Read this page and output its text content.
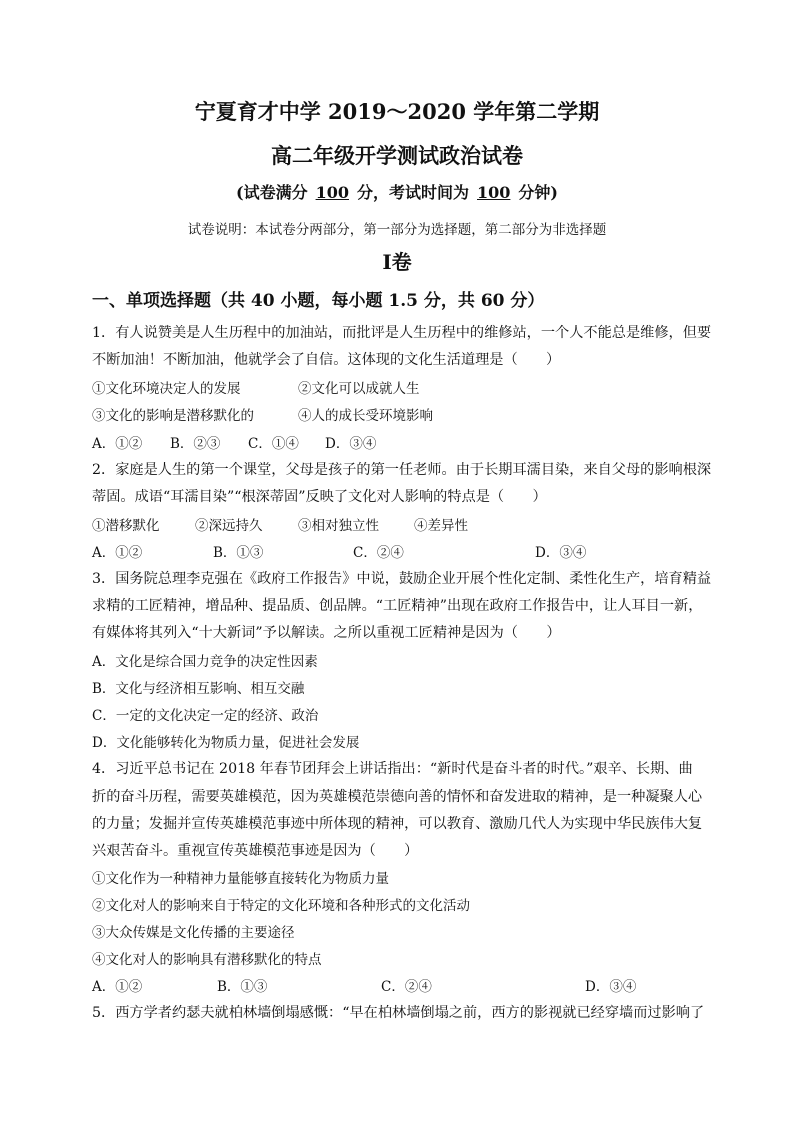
宁夏育才中学 2019～2020 学年第二学期
高二年级开学测试政治试卷
(试卷满分 100 分，考试时间为 100 分钟)
试卷说明：本试卷分两部分，第一部分为选择题，第二部分为非选择题
Ⅰ卷
一、单项选择题（共 40 小题，每小题 1.5 分，共 60 分）
1．有人说赞美是人生历程中的加油站，而批评是人生历程中的维修站，一个人不能总是维修，但要
不断加油！不断加油，他就学会了自信。这体现的文化生活道理是（　　）
①文化环境决定人的发展	②文化可以成就人生
③文化的影响是潜移默化的	④人的成长受环境影响
A．①② B．②③ C．①④ D．③④
2．家庭是人生的第一个课堂，父母是孩子的第一任老师。由于长期耳濡目染，来自父母的影响根深
蒂固。成语“耳濡目染”“根深蒂固”反映了文化对人影响的特点是（　　）
①潜移默化	②深远持久	③相对独立性	④差异性
A．①②	B．①③	C．②④	D．③④
3．国务院总理李克强在《政府工作报告》中说，鼓励企业开展个性化定制、柔性化生产，培育精益
求精的工匠精神，增品种、提品质、创品牌。“工匠精神”出现在政府工作报告中，让人耳目一新，
有媒体将其列入“十大新词”予以解读。之所以重视工匠精神是因为（　　）
A．文化是综合国力竞争的决定性因素
B．文化与经济相互影响、相互交融
C．一定的文化决定一定的经济、政治
D．文化能够转化为物质力量，促进社会发展
4．习近平总书记在 2018 年春节团拜会上讲话指出：“新时代是奋斗者的时代。”艰辛、长期、曲
折的奋斗历程，需要英雄模范，因为英雄模范崇德向善的情怀和奋发进取的精神，是一种凝聚人心
的力量；发掘并宣传英雄模范事迹中所体现的精神，可以教育、激励几代人为实现中华民族伟大复
兴艰苦奋斗。重视宣传英雄模范事迹是因为（　　）
①文化作为一种精神力量能够直接转化为物质力量
②文化对人的影响来自于特定的文化环境和各种形式的文化活动
③大众传媒是文化传播的主要途径
④文化对人的影响具有潜移默化的特点
A．①②	B．①③	C．②④	D．③④
5．西方学者约瑟夫就柏林墙倒塌感慨：“早在柏林墙倒塌之前，西方的影视就已经穿墙而过影响了
